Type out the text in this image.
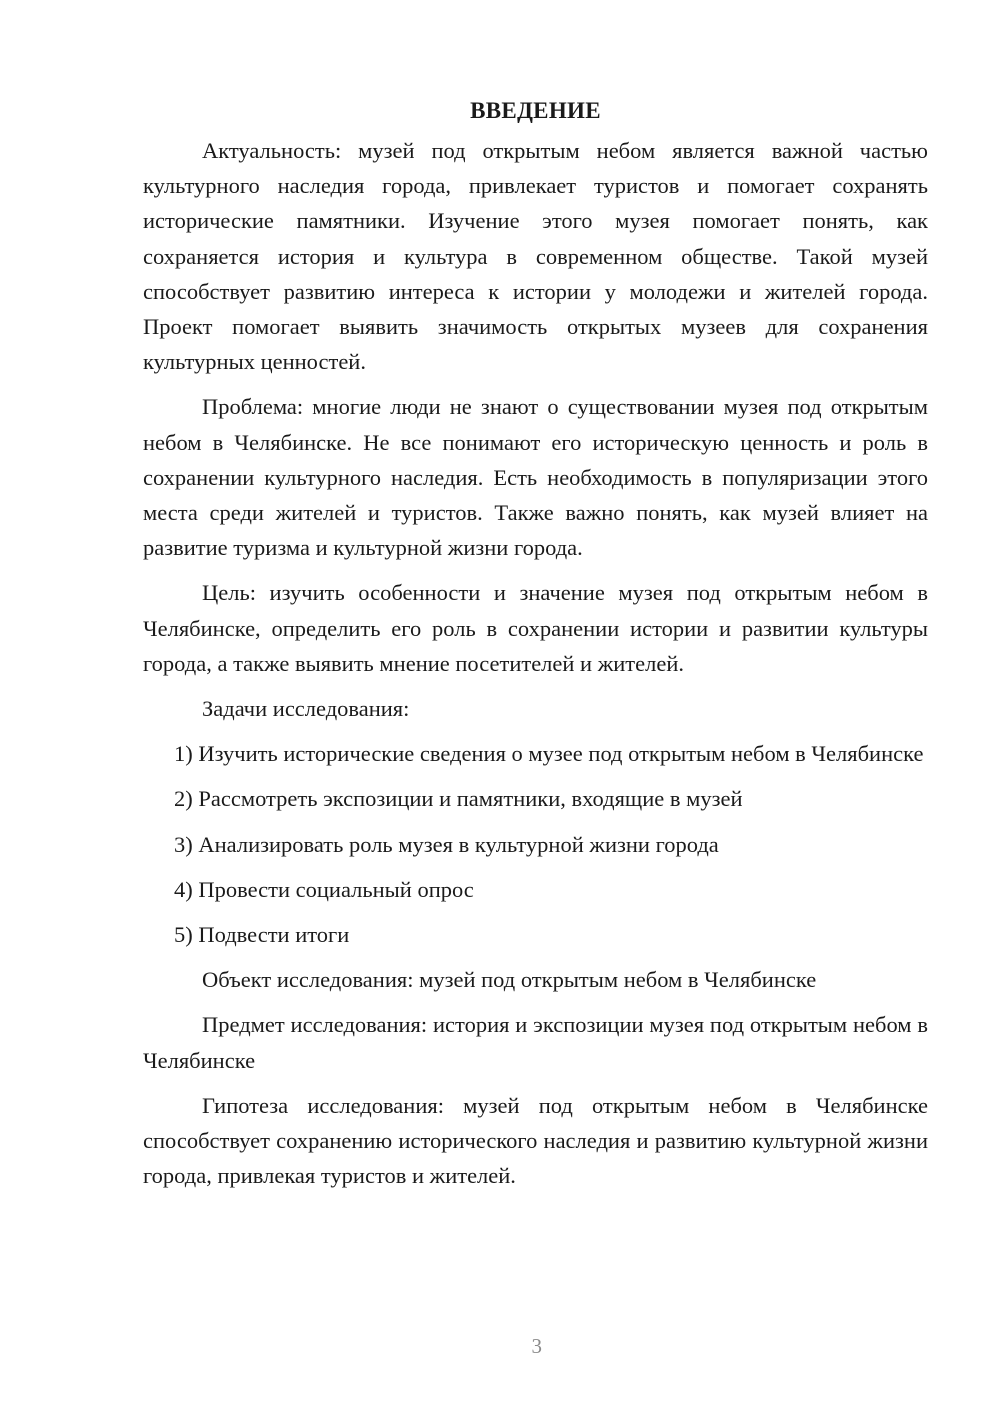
ВВЕДЕНИЕ

Актуальность: музей под открытым небом является важной частью культурного наследия города, привлекает туристов и помогает сохранять исторические памятники. Изучение этого музея помогает понять, как сохраняется история и культура в современном обществе. Такой музей способствует развитию интереса к истории у молодежи и жителей города. Проект помогает выявить значимость открытых музеев для сохранения культурных ценностей.

Проблема: многие люди не знают о существовании музея под открытым небом в Челябинске. Не все понимают его историческую ценность и роль в сохранении культурного наследия. Есть необходимость в популяризации этого места среди жителей и туристов. Также важно понять, как музей влияет на развитие туризма и культурной жизни города.

Цель: изучить особенности и значение музея под открытым небом в Челябинске, определить его роль в сохранении истории и развитии культуры города, а также выявить мнение посетителей и жителей.

Задачи исследования:

1) Изучить исторические сведения о музее под открытым небом в Челябинске

2) Рассмотреть экспозиции и памятники, входящие в музей

3) Анализировать роль музея в культурной жизни города

4) Провести социальный опрос

5) Подвести итоги

Объект исследования: музей под открытым небом в Челябинске

Предмет исследования: история и экспозиции музея под открытым небом в Челябинске

Гипотеза исследования: музей под открытым небом в Челябинске способствует сохранению исторического наследия и развитию культурной жизни города, привлекая туристов и жителей.

3
